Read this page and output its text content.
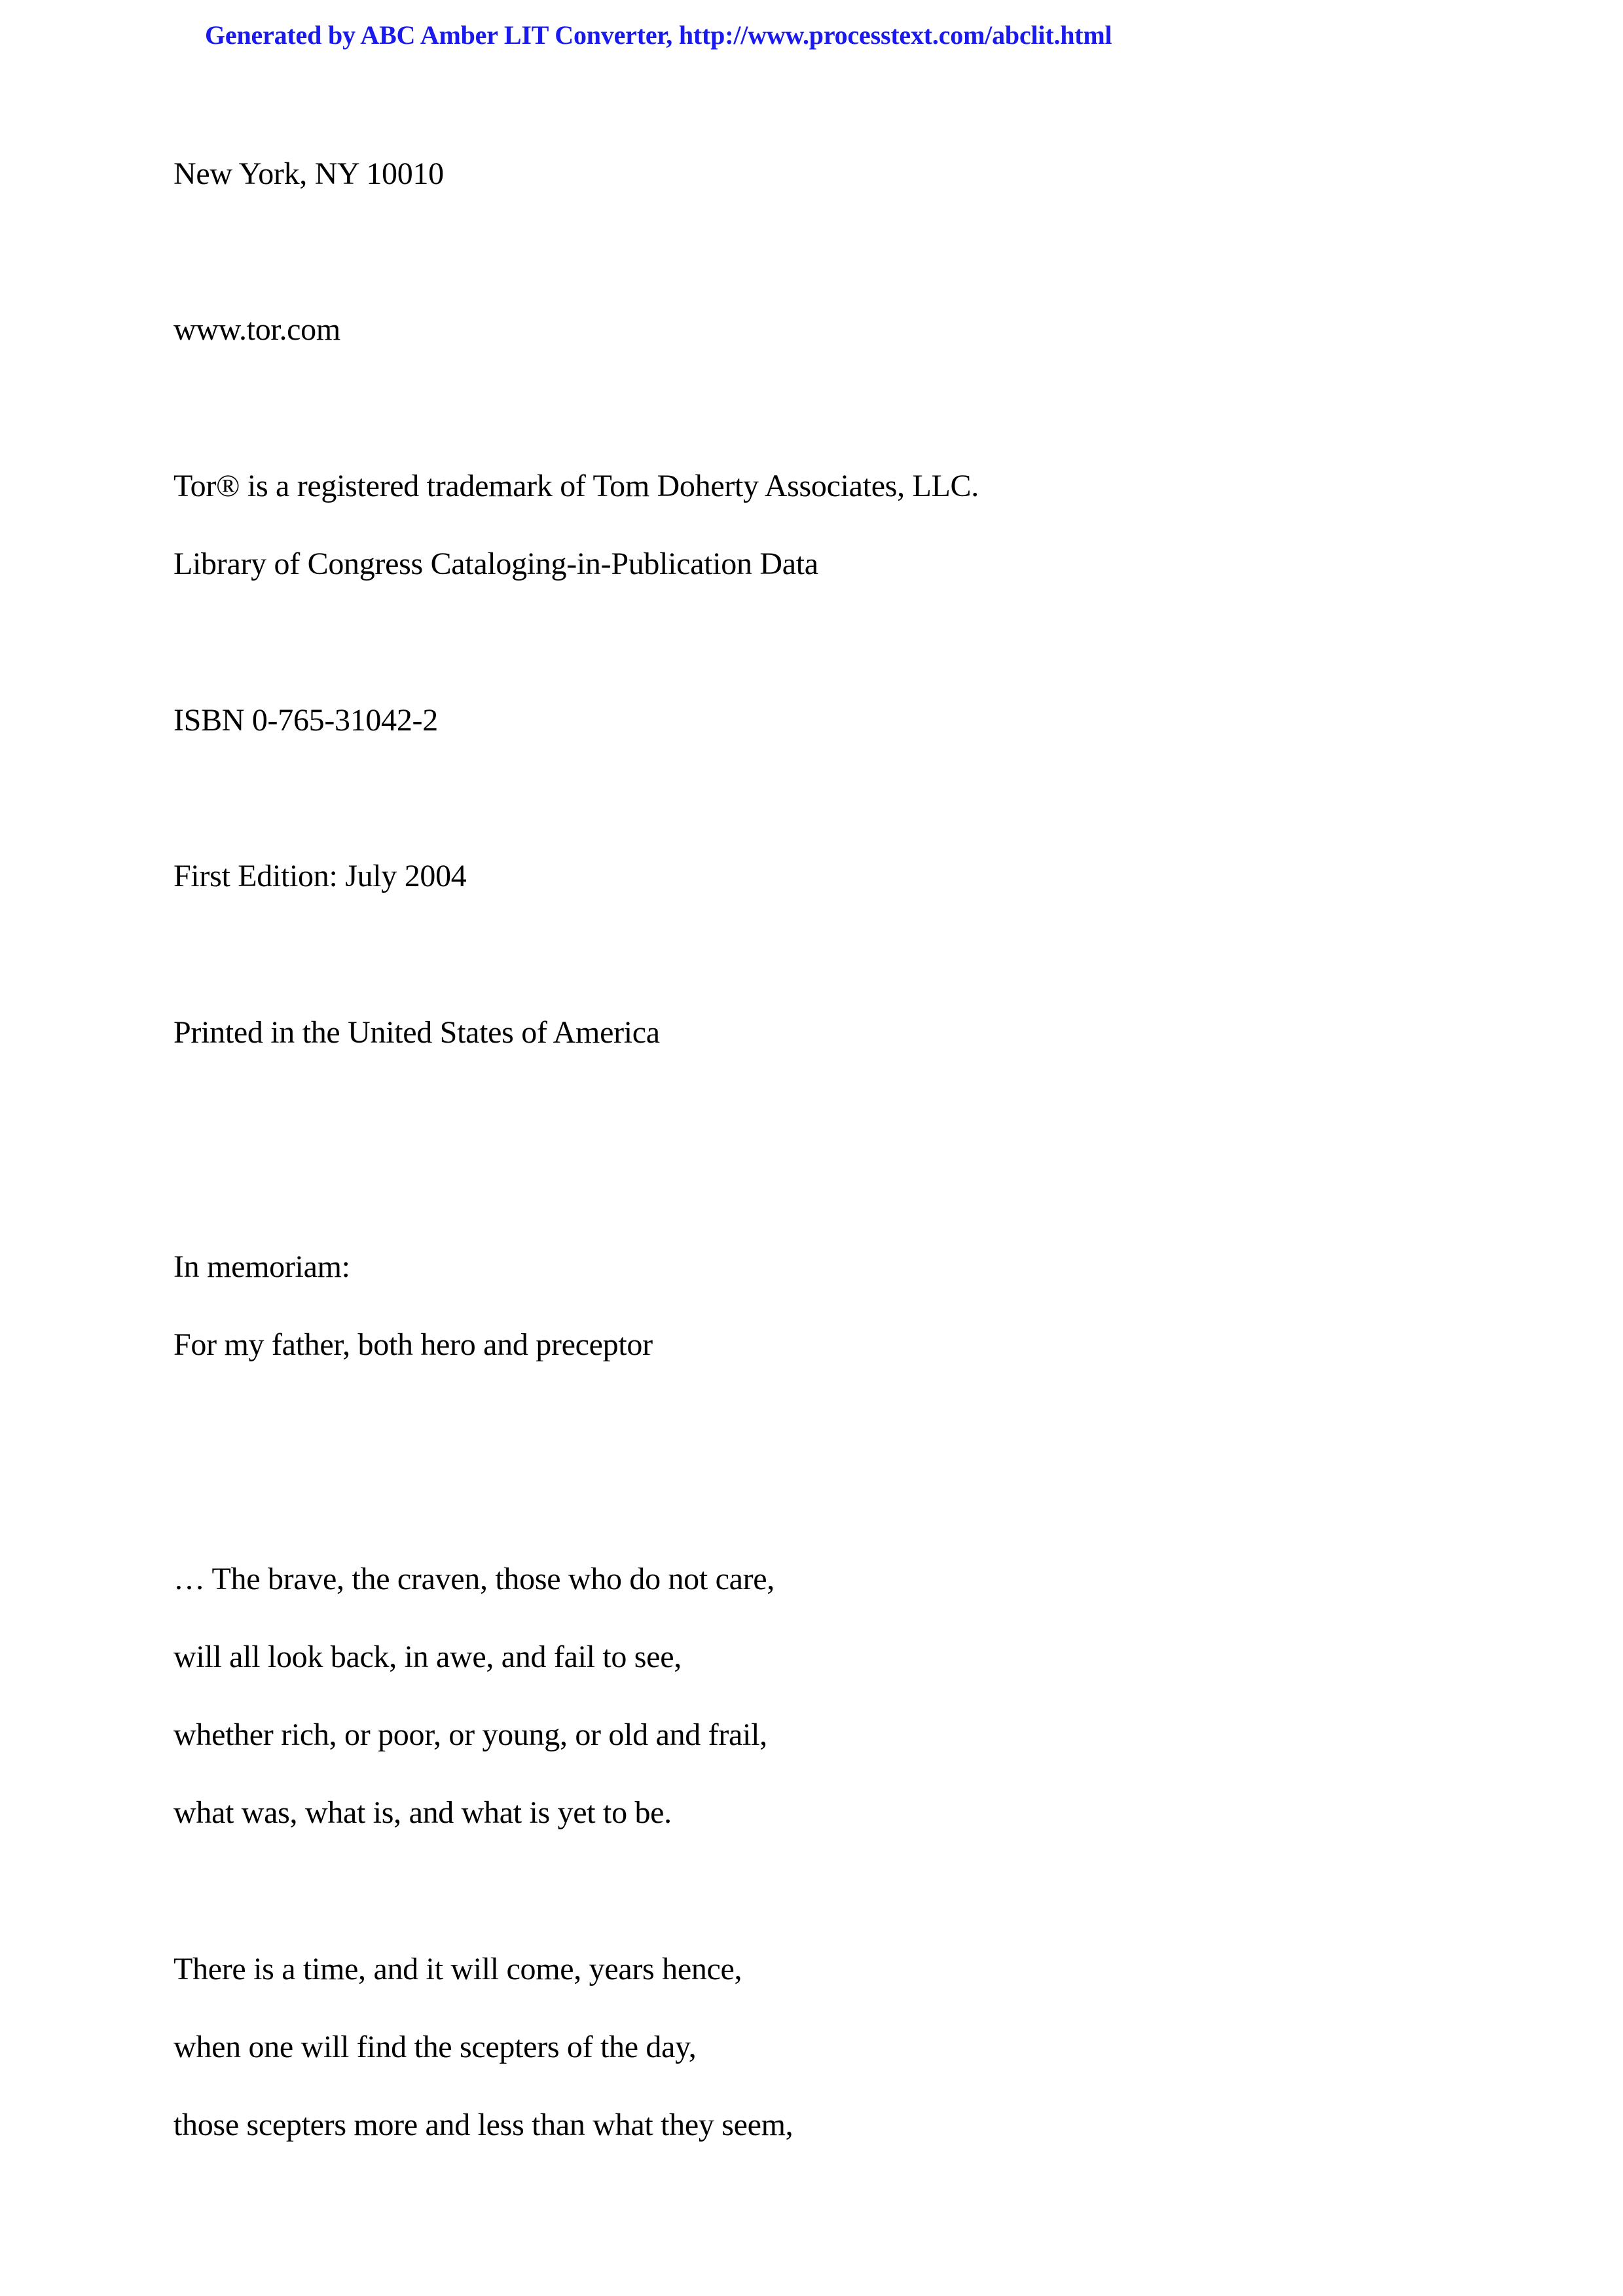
Generated by ABC Amber LIT Converter, http://www.processtext.com/abclit.html
New York, NY 10010
www.tor.com
Tor® is a registered trademark of Tom Doherty Associates, LLC.
Library of Congress Cataloging-in-Publication Data
ISBN 0-765-31042-2
First Edition: July 2004
Printed in the United States of America
In memoriam:
For my father, both hero and preceptor
… The brave, the craven, those who do not care,
will all look back, in awe, and fail to see,
whether rich, or poor, or young, or old and frail,
what was, what is, and what is yet to be.
There is a time, and it will come, years hence,
when one will find the scepters of the day,
those scepters more and less than what they seem,
